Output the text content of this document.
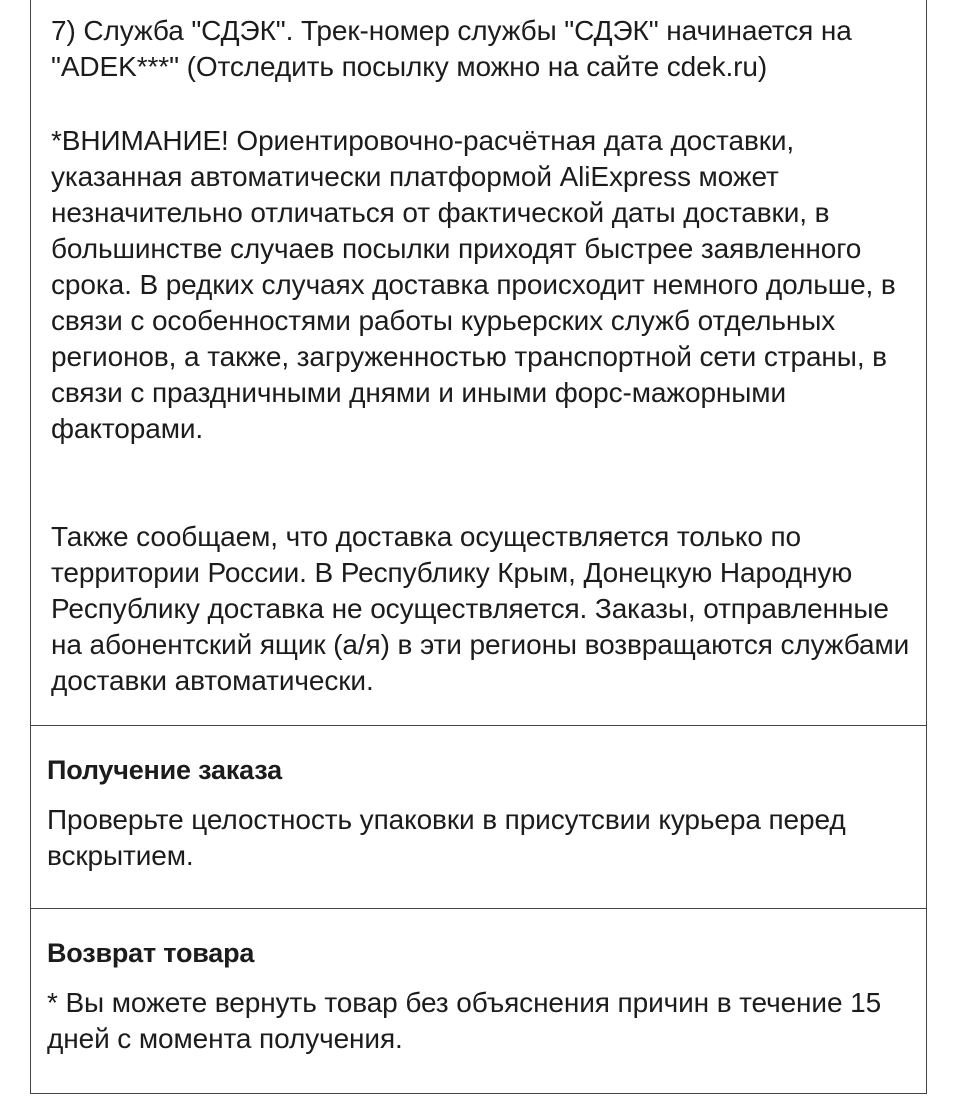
7) Служба "СДЭК". Трек-номер службы "СДЭК" начинается на "ADEK***" (Отследить посылку можно на сайте cdek.ru)

*ВНИМАНИЕ! Ориентировочно-расчётная дата доставки, указанная автоматически платформой AliExpress может незначительно отличаться от фактической даты доставки, в большинстве случаев посылки приходят быстрее заявленного срока. В редких случаях доставка происходит немного дольше, в связи с особенностями работы курьерских служб отдельных регионов, а также, загруженностью транспортной сети страны, в связи с праздничными днями и иными форс-мажорными факторами.

Также сообщаем, что доставка осуществляется только по территории России. В Республику Крым, Донецкую Народную Республику доставка не осуществляется. Заказы, отправленные на абонентский ящик (а/я) в эти регионы возвращаются службами доставки автоматически.

Получение заказа

Проверьте целостность упаковки в присутсвии курьера перед вскрытием.

Возврат товара

* Вы можете вернуть товар без объяснения причин в течение 15 дней с момента получения.
